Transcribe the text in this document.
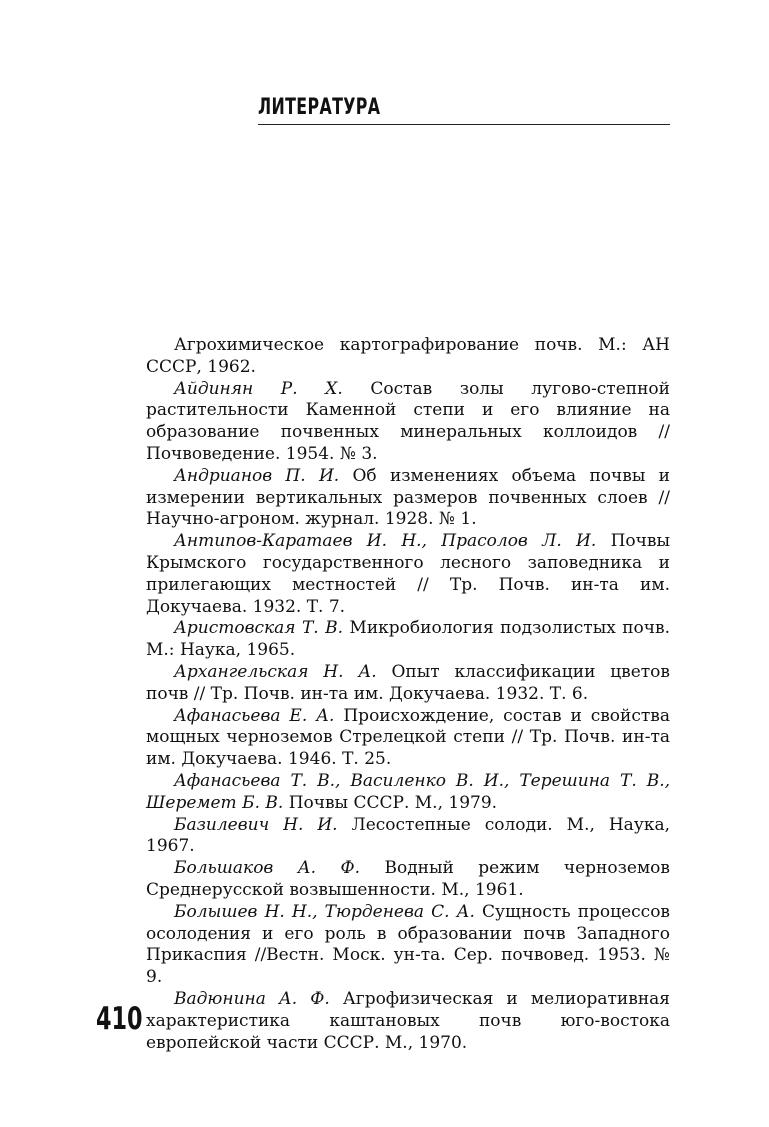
ЛИТЕРАТУРА
Агрохимическое картографирование почв. М.: АН СССР, 1962.
Айдинян Р. Х. Состав золы лугово-степной растительности Каменной степи и его влияние на образование почвенных минеральных коллоидов // Почвоведение. 1954. № 3.
Андрианов П. И. Об изменениях объема почвы и измерении вертикальных размеров почвенных слоев // Научно-агроном. журнал. 1928. № 1.
Антипов-Каратаев И. Н., Прасолов Л. И. Почвы Крымского государственного лесного заповедника и прилегающих местностей // Тр. Почв. ин-та им. Докучаева. 1932. Т. 7.
Аристовская Т. В. Микробиология подзолистых почв. М.: Наука, 1965.
Архангельская Н. А. Опыт классификации цветов почв // Тр. Почв. ин-та им. Докучаева. 1932. Т. 6.
Афанасьева Е. А. Происхождение, состав и свойства мощных черноземов Стрелецкой степи // Тр. Почв. ин-та им. Докучаева. 1946. Т. 25.
Афанасьева Т. В., Василенко В. И., Терешина Т. В., Шеремет Б. В. Почвы СССР. М., 1979.
Базилевич Н. И. Лесостепные солоди. М., Наука, 1967.
Большаков А. Ф. Водный режим черноземов Среднерусской возвышенности. М., 1961.
Болышев Н. Н., Тюрденева С. А. Сущность процессов осолодения и его роль в образовании почв Западного Прикаспия //Вестн. Моск. ун-та. Сер. почвовед. 1953. № 9.
Вадюнина А. Ф. Агрофизическая и мелиоративная характеристика каштановых почв юго-востока европейской части СССР. М., 1970.
410
